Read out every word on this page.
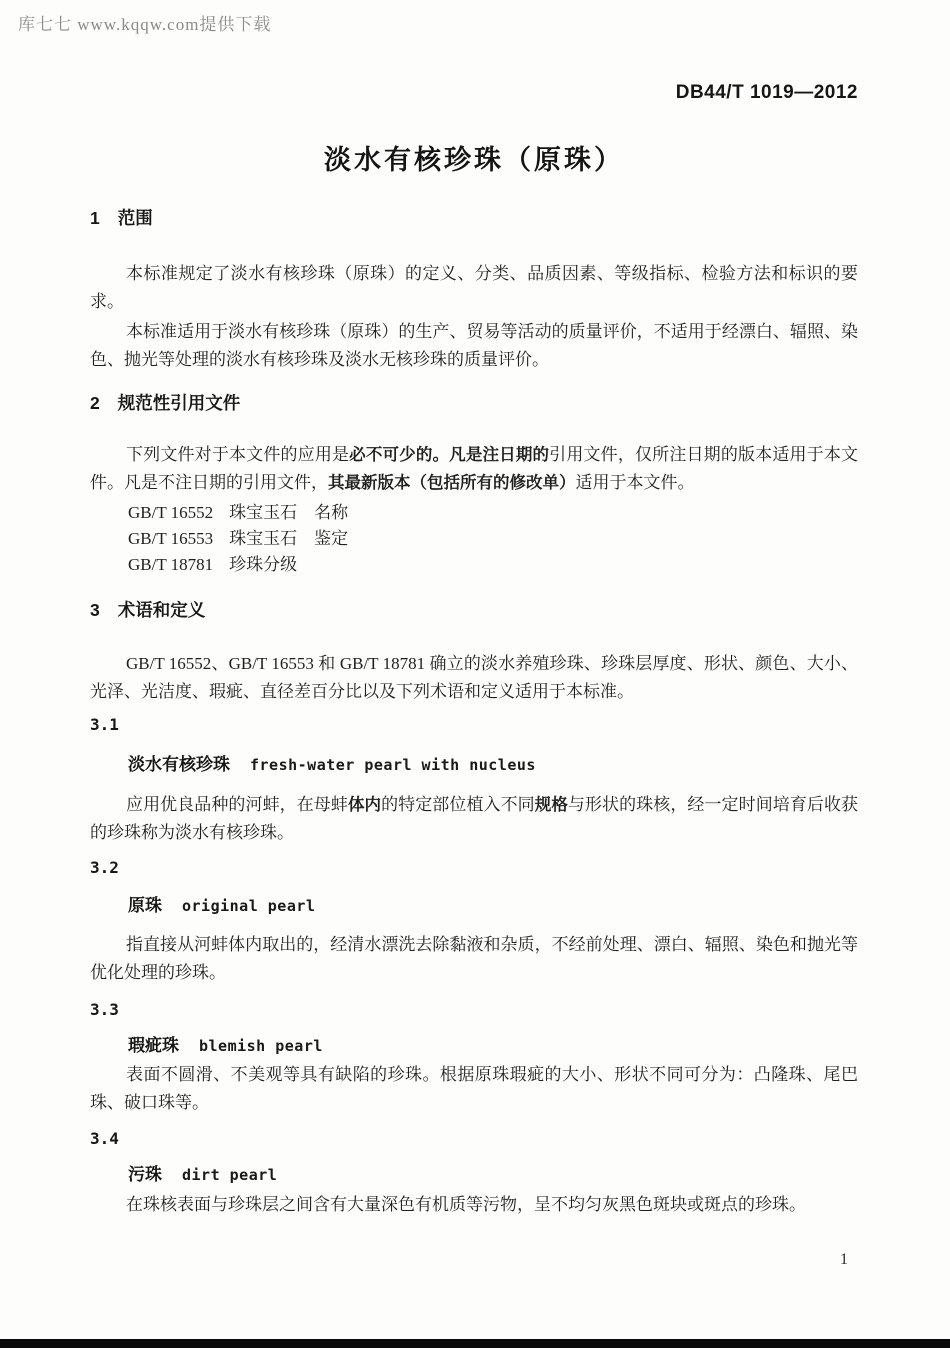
库七七 www.kqqw.com提供下载
DB44/T 1019—2012
淡水有核珍珠（原珠）

1 范围

本标准规定了淡水有核珍珠（原珠）的定义、分类、品质因素、等级指标、检验方法和标识的要求。

本标准适用于淡水有核珍珠（原珠）的生产、贸易等活动的质量评价，不适用于经漂白、辐照、染色、抛光等处理的淡水有核珍珠及淡水无核珍珠的质量评价。

2 规范性引用文件

下列文件对于本文件的应用是必不可少的。凡是注日期的引用文件，仅所注日期的版本适用于本文件。凡是不注日期的引用文件，其最新版本（包括所有的修改单）适用于本文件。

GB/T 16552 珠宝玉石　名称

GB/T 16553 珠宝玉石　鉴定

GB/T 18781 珍珠分级

3 术语和定义

GB/T 16552、GB/T 16553 和 GB/T 18781 确立的淡水养殖珍珠、珍珠层厚度、形状、颜色、大小、光泽、光洁度、瑕疵、直径差百分比以及下列术语和定义适用于本标准。

3.1

淡水有核珍珠 fresh-water pearl with nucleus

应用优良品种的河蚌，在母蚌体内的特定部位植入不同规格与形状的珠核，经一定时间培育后收获的珍珠称为淡水有核珍珠。

3.2

原珠 original pearl

指直接从河蚌体内取出的，经清水漂洗去除黏液和杂质，不经前处理、漂白、辐照、染色和抛光等优化处理的珍珠。

3.3

瑕疵珠 blemish pearl

表面不圆滑、不美观等具有缺陷的珍珠。根据原珠瑕疵的大小、形状不同可分为：凸隆珠、尾巴珠、破口珠等。

3.4

污珠 dirt pearl

在珠核表面与珍珠层之间含有大量深色有机质等污物，呈不均匀灰黑色斑块或斑点的珍珠。

1
